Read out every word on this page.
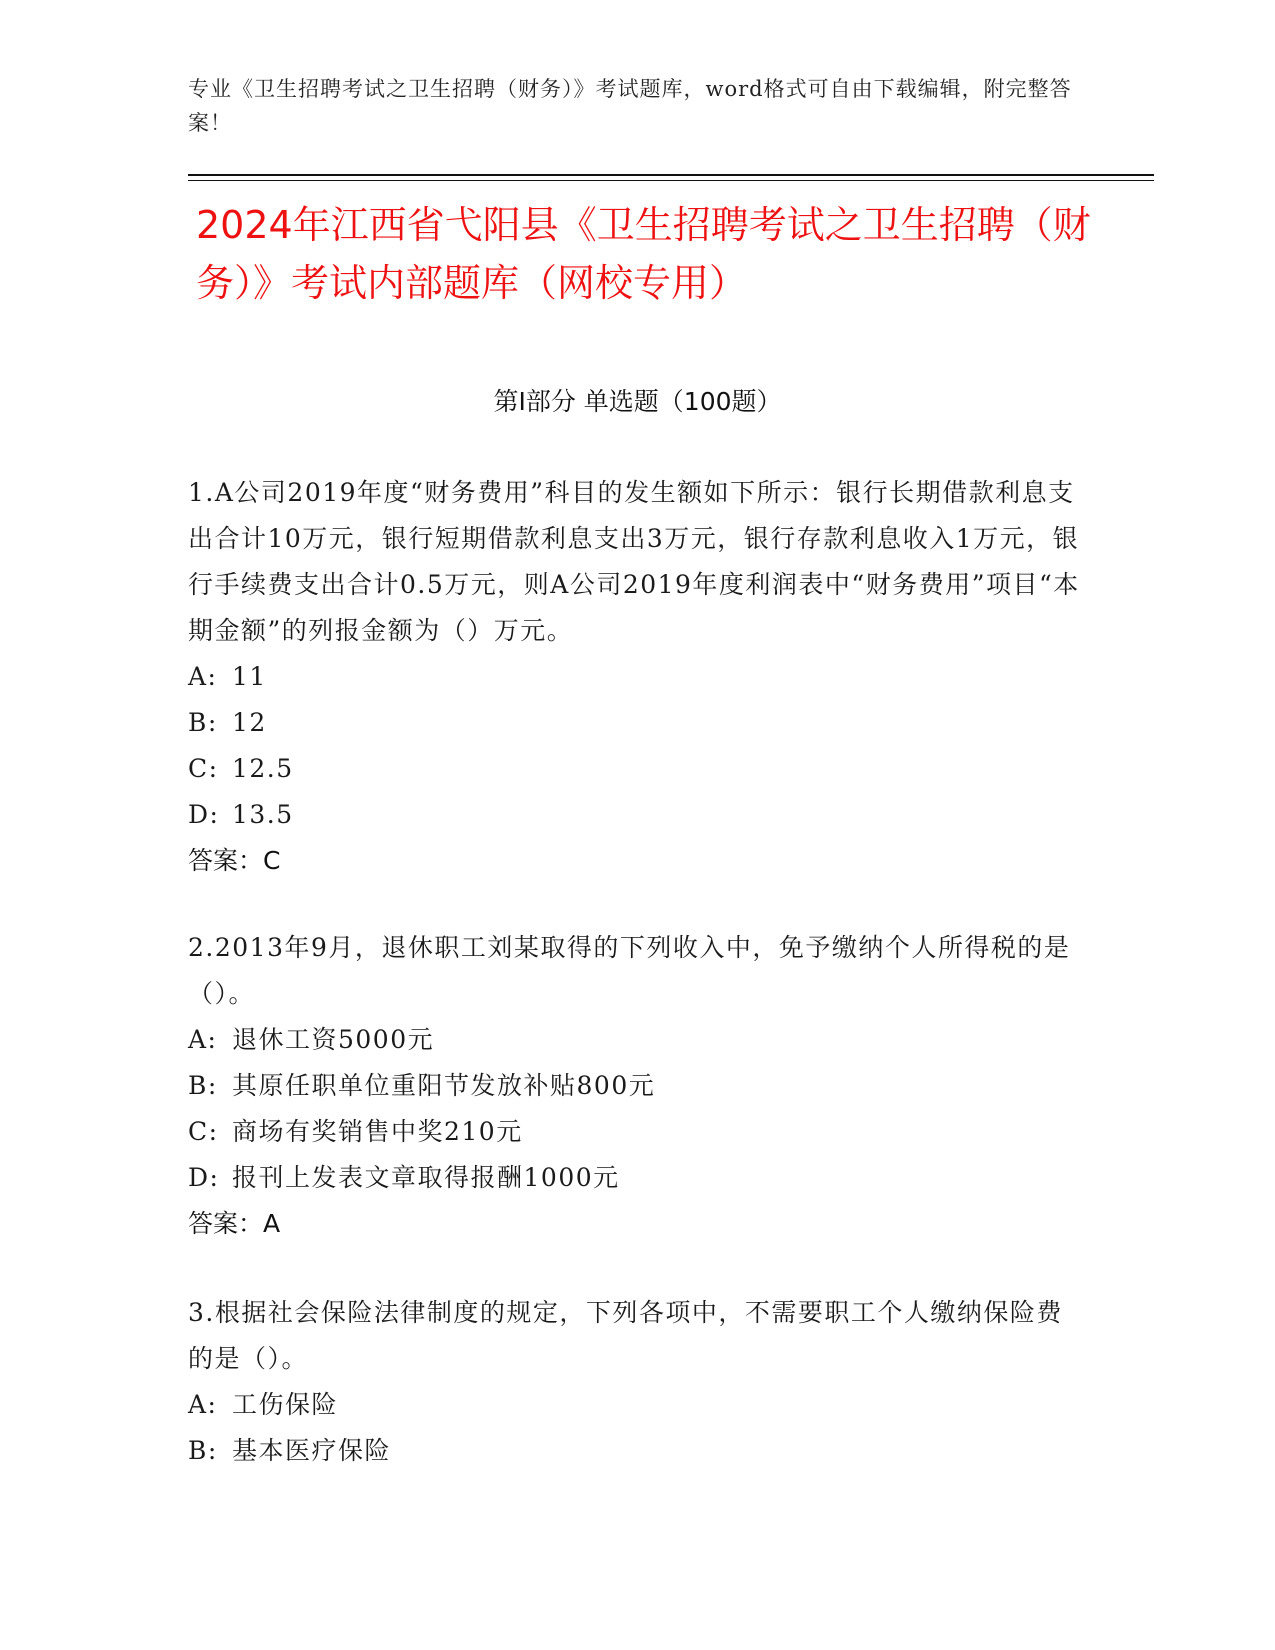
专业《卫生招聘考试之卫生招聘（财务）》考试题库，word格式可自由下载编辑，附完整答案！
2024年江西省弋阳县《卫生招聘考试之卫生招聘（财务）》考试内部题库（网校专用）
第Ⅰ部分 单选题（100题）
1.A公司2019年度“财务费用”科目的发生额如下所示：银行长期借款利息支出合计10万元，银行短期借款利息支出3万元，银行存款利息收入1万元，银行手续费支出合计0.5万元，则A公司2019年度利润表中“财务费用”项目“本期金额”的列报金额为（）万元。
A: 11
B: 12
C: 12.5
D: 13.5
答案：C
2.2013年9月，退休职工刘某取得的下列收入中，免予缴纳个人所得税的是（）。
A: 退休工资5000元
B: 其原任职单位重阳节发放补贴800元
C: 商场有奖销售中奖210元
D: 报刊上发表文章取得报酬1000元
答案：A
3.根据社会保险法律制度的规定，下列各项中，不需要职工个人缴纳保险费的是（）。
A: 工伤保险
B: 基本医疗保险
